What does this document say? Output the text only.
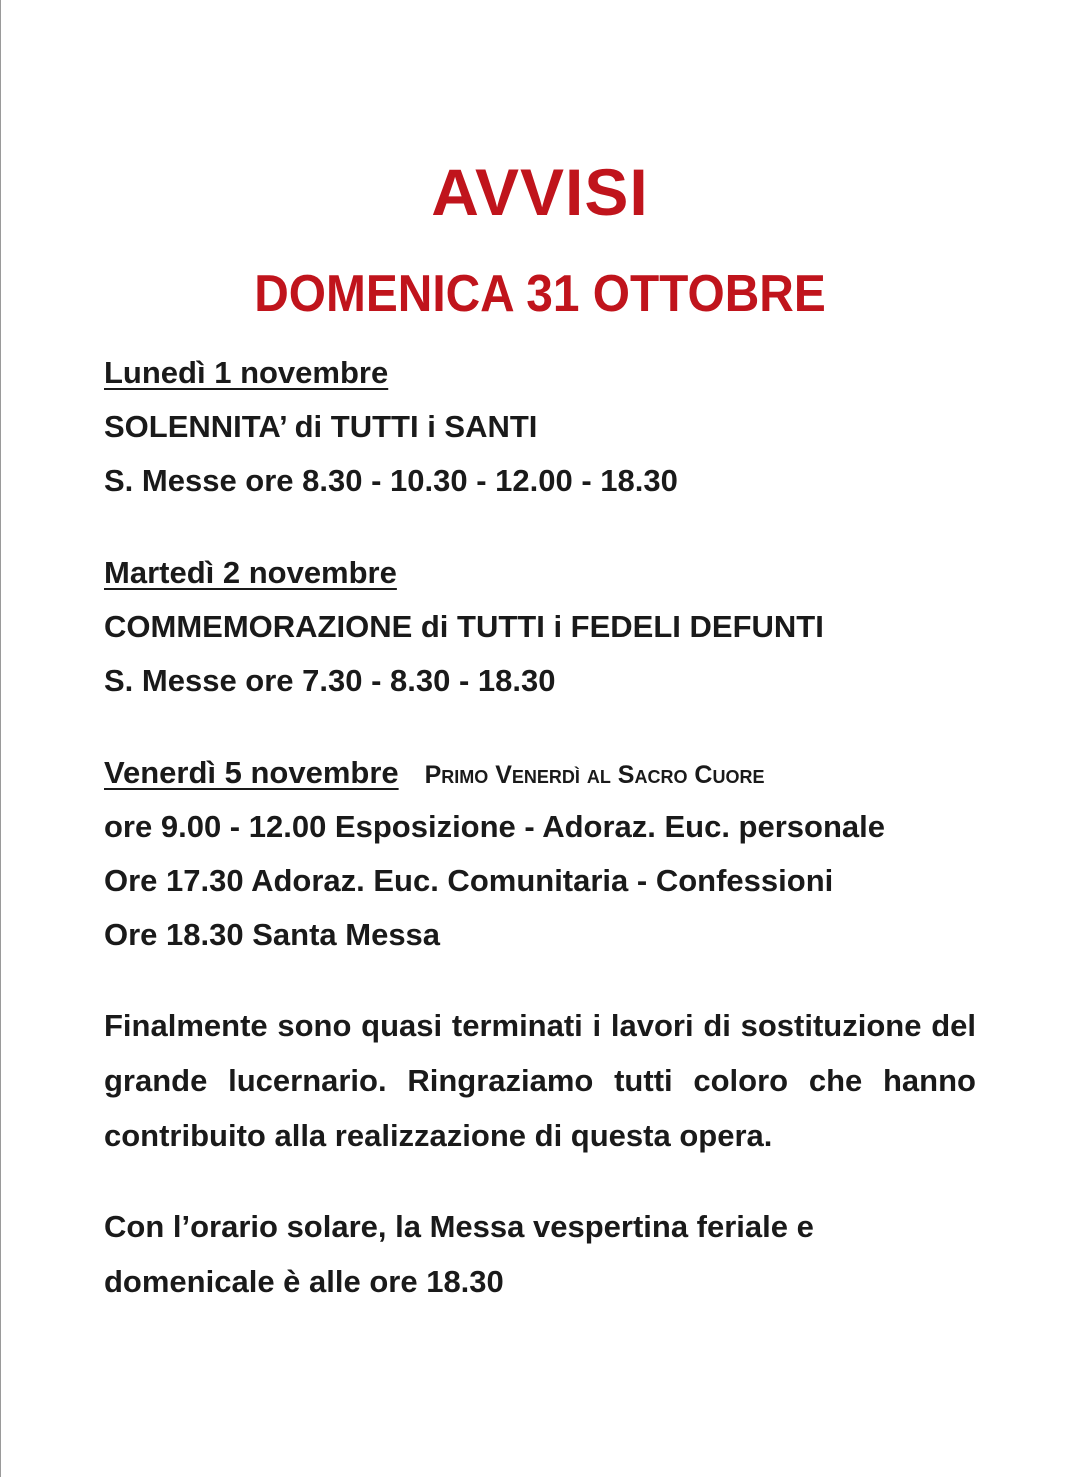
AVVISI
DOMENICA 31 OTTOBRE

Lunedì 1 novembre

SOLENNITA’ di TUTTI i SANTI

S. Messe ore 8.30 - 10.30 - 12.00 - 18.30

Martedì 2 novembre

COMMEMORAZIONE di TUTTI i FEDELI DEFUNTI

S. Messe ore 7.30 - 8.30 - 18.30

Venerdì 5 novembre Primo Venerdì al Sacro Cuore

ore 9.00 - 12.00 Esposizione - Adoraz. Euc. personale

Ore 17.30 Adoraz. Euc. Comunitaria - Confessioni

Ore 18.30 Santa Messa

Finalmente sono quasi terminati i lavori di sostituzione del grande lucernario. Ringraziamo tutti coloro che hanno contribuito alla realizzazione di questa opera.

Con l’orario solare, la Messa vespertina feriale e domenicale è alle ore 18.30
